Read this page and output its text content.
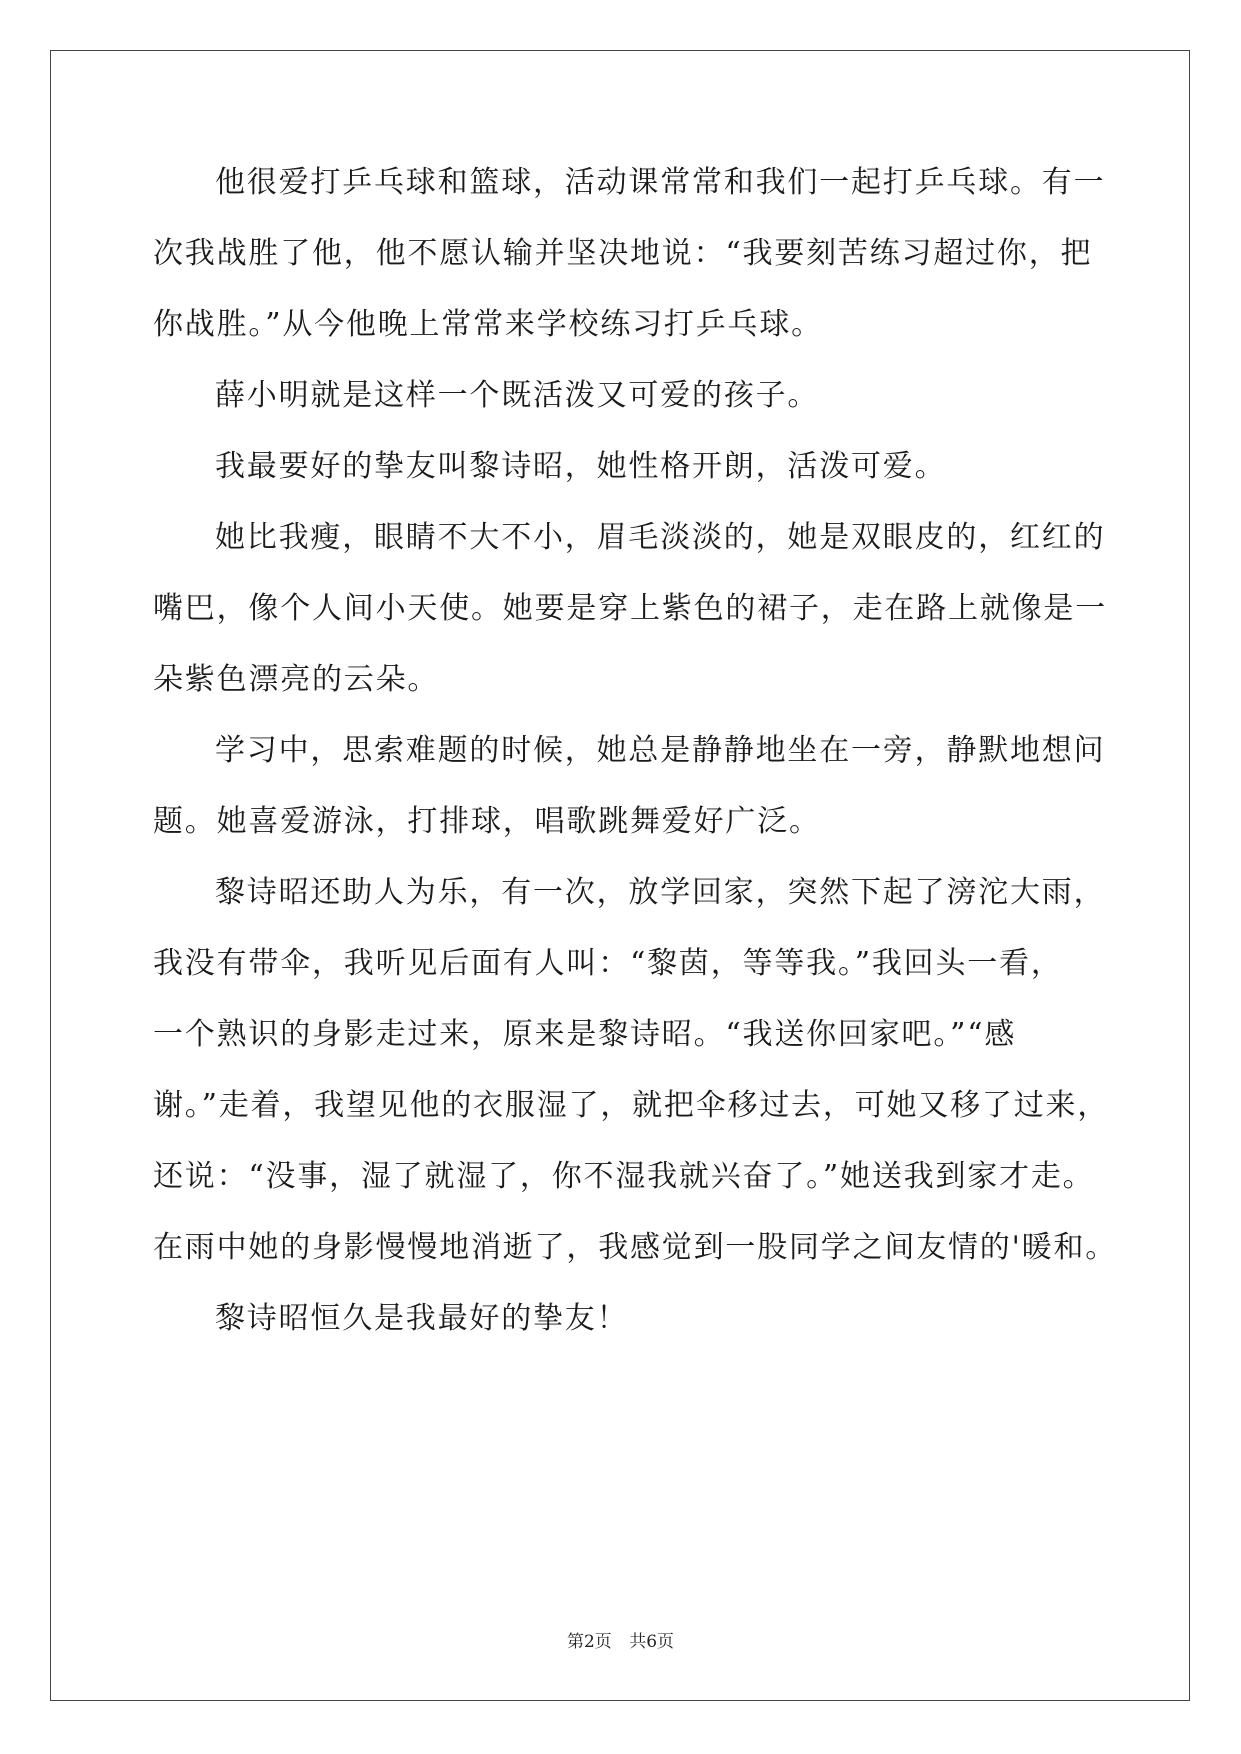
他很爱打乒乓球和篮球，活动课常常和我们一起打乒乓球。有一
次我战胜了他，他不愿认输并坚决地说：“我要刻苦练习超过你，把
你战胜。”从今他晚上常常来学校练习打乒乓球。
薛小明就是这样一个既活泼又可爱的孩子。
我最要好的挚友叫黎诗昭，她性格开朗，活泼可爱。
她比我瘦，眼睛不大不小，眉毛淡淡的，她是双眼皮的，红红的
嘴巴，像个人间小天使。她要是穿上紫色的裙子，走在路上就像是一
朵紫色漂亮的云朵。
学习中，思索难题的时候，她总是静静地坐在一旁，静默地想问
题。她喜爱游泳，打排球，唱歌跳舞爱好广泛。
黎诗昭还助人为乐，有一次，放学回家，突然下起了滂沱大雨，
我没有带伞，我听见后面有人叫：“黎茵，等等我。”我回头一看，
一个熟识的身影走过来，原来是黎诗昭。“我送你回家吧。”“感
谢。”走着，我望见他的衣服湿了，就把伞移过去，可她又移了过来，
还说：“没事，湿了就湿了，你不湿我就兴奋了。”她送我到家才走。
在雨中她的身影慢慢地消逝了，我感觉到一股同学之间友情的'暖和。
黎诗昭恒久是我最好的挚友！
第2页 共6页
